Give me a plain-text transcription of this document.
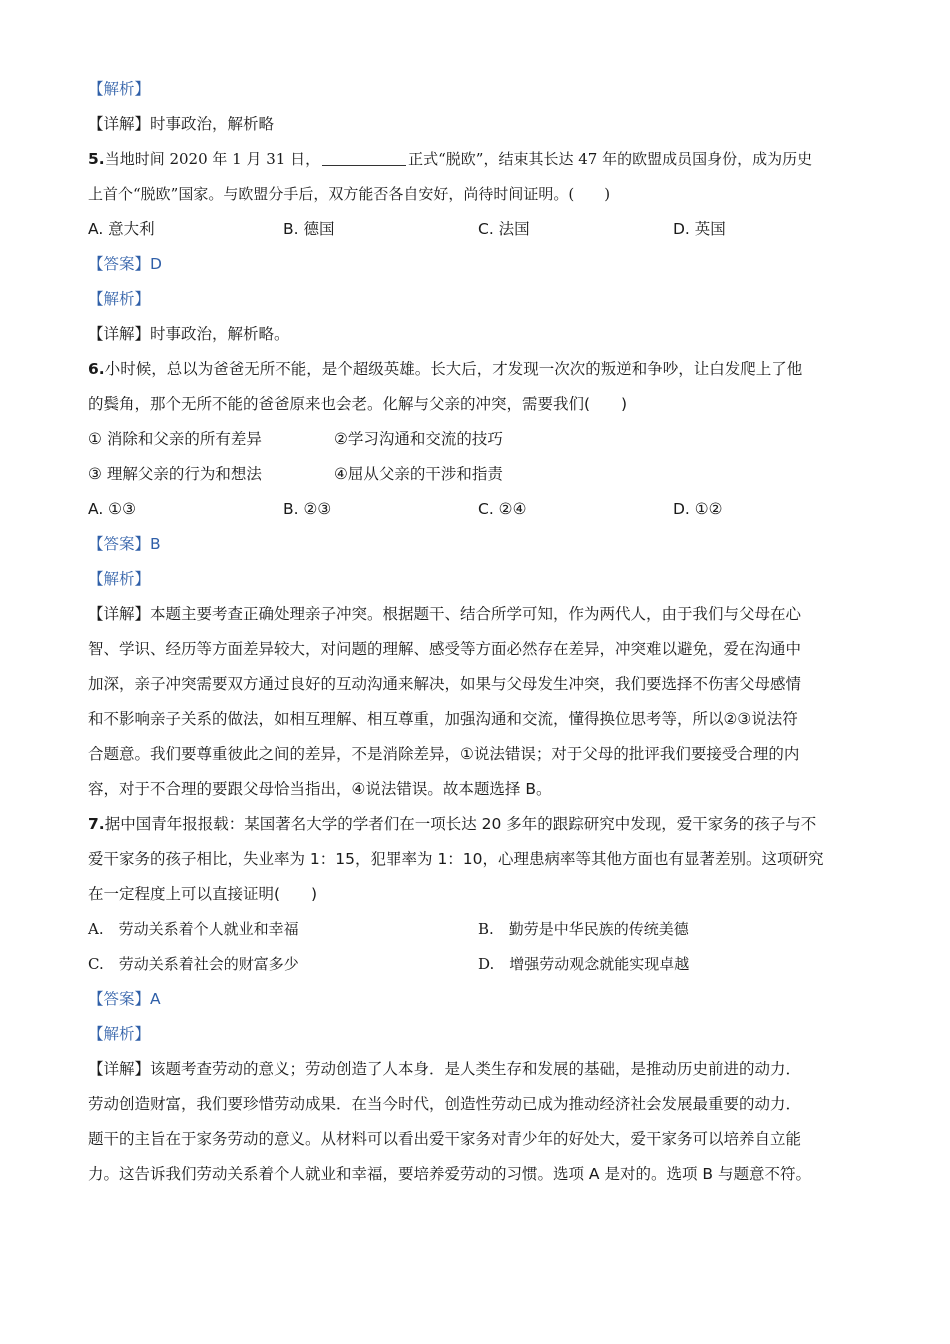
【解析】
【详解】时事政治，解析略
5.当地时间 2020 年 1 月 31 日，	正式“脱欧”，结束其长达 47 年的欧盟成员国身份，成为历史
上首个“脱欧”国家。与欧盟分手后，双方能否各自安好，尚待时间证明。(　　)
A. 意大利	B. 德国	C. 法国	D. 英国
【答案】D
【解析】
【详解】时事政治，解析略。
6.小时候，总以为爸爸无所不能，是个超级英雄。长大后，才发现一次次的叛逆和争吵，让白发爬上了他
的鬓角，那个无所不能的爸爸原来也会老。化解与父亲的冲突，需要我们(　　)
① 消除和父亲的所有差异	②学习沟通和交流的技巧
③ 理解父亲的行为和想法	④屈从父亲的干涉和指责
A. ①③	B. ②③	C. ②④	D. ①②
【答案】B
【解析】
【详解】本题主要考查正确处理亲子冲突。根据题干、结合所学可知，作为两代人，由于我们与父母在心
智、学识、经历等方面差异较大，对问题的理解、感受等方面必然存在差异，冲突难以避免，爱在沟通中
加深，亲子冲突需要双方通过良好的互动沟通来解决，如果与父母发生冲突，我们要选择不伤害父母感情
和不影响亲子关系的做法，如相互理解、相互尊重，加强沟通和交流，懂得换位思考等，所以②③说法符
合题意。我们要尊重彼此之间的差异，不是消除差异，①说法错误；对于父母的批评我们要接受合理的内
容，对于不合理的要跟父母恰当指出，④说法错误。故本题选择 B。
7.据中国青年报报载：某国著名大学的学者们在一项长达 20 多年的跟踪研究中发现，爱干家务的孩子与不
爱干家务的孩子相比，失业率为 1：15，犯罪率为 1：10，心理患病率等其他方面也有显著差别。这项研究
在一定程度上可以直接证明(　　)
A.　劳动关系着个人就业和幸福	B.　勤劳是中华民族的传统美德
C.　劳动关系着社会的财富多少	D.　增强劳动观念就能实现卓越
【答案】A
【解析】
【详解】该题考查劳动的意义；劳动创造了人本身．是人类生存和发展的基础，是推动历史前进的动力．
劳动创造财富，我们要珍惜劳动成果．在当今时代，创造性劳动已成为推动经济社会发展最重要的动力．
题干的主旨在于家务劳动的意义。从材料可以看出爱干家务对青少年的好处大，爱干家务可以培养自立能
力。这告诉我们劳动关系着个人就业和幸福，要培养爱劳动的习惯。选项 A 是对的。选项 B 与题意不符。
